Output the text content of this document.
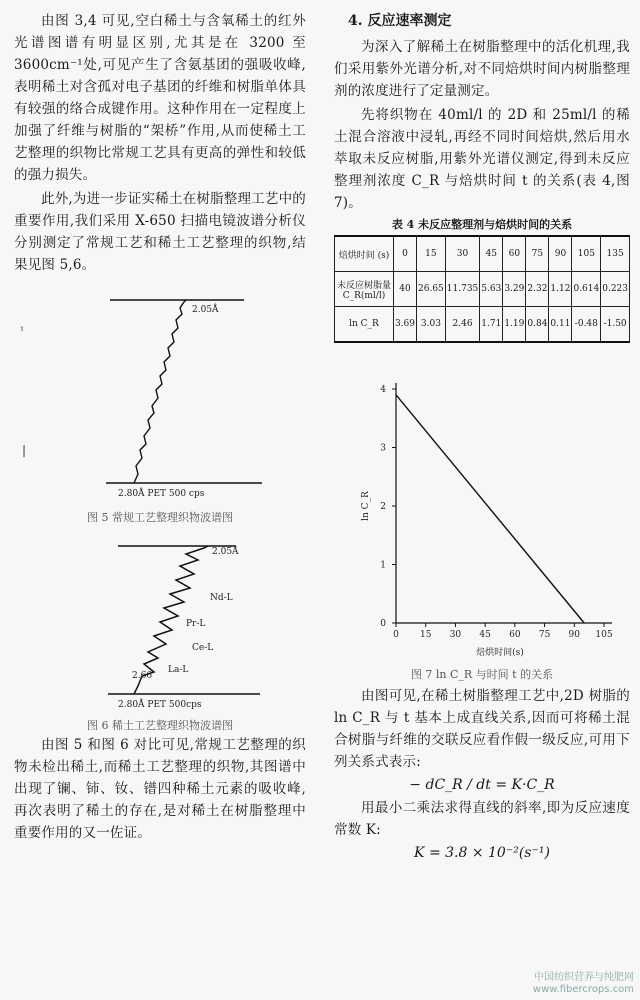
由图 3,4 可见,空白稀土与含氧稀土的红外光谱图谱有明显区别,尤其是在 3200 至 3600cm⁻¹处,可见产生了含氨基团的强吸收峰,表明稀土对含孤对电子基团的纤维和树脂单体具有较强的络合成键作用。这种作用在一定程度上加强了纤维与树脂的“架桥”作用,从而使稀土工艺整理的织物比常规工艺具有更高的弹性和较低的强力损失。

此外,为进一步证实稀土在树脂整理工艺中的重要作用,我们采用 X-650 扫描电镜波谱分析仪分别测定了常规工艺和稀土工艺整理的织物,结果见图 5,6。

¹
|
2.05Å
2.80Å PET 500 cps
图 5 常规工艺整理织物波谱图
2.05Å
Nd-L
Pr-L
Ce-L
La-L
2.66
2.80Å PET 500cps
图 6 稀土工艺整理织物波谱图

由图 5 和图 6 对比可见,常规工艺整理的织物未检出稀土,而稀土工艺整理的织物,其图谱中出现了镧、铈、钕、镨四种稀土元素的吸收峰,再次表明了稀土的存在,是对稀土在树脂整理中重要作用的又一佐证。

4. 反应速率测定

为深入了解稀土在树脂整理中的活化机理,我们采用紫外光谱分析,对不同焙烘时间内树脂整理剂的浓度进行了定量测定。

先将织物在 40ml/l 的 2D 和 25ml/l 的稀土混合溶液中浸轧,再经不同时间焙烘,然后用水萃取未反应树脂,用紫外光谱仪测定,得到未反应整理剂浓度 C_R 与焙烘时间 t 的关系(表 4,图 7)。

表 4 未反应整理剂与焙烘时间的关系
焙烘时间 (s)	0	15	30	45	60	75	90	105	135
未反应树脂量 C_R(ml/l)	40	26.65	11.735	5.63	3.29	2.32	1.12	0.614	0.223
ln C_R	3.69	3.03	2.46	1.71	1.19	0.84	0.11	-0.48	-1.50
0
1
2
3
4
0 15 30 45 60 75 90 105
焙烘时间(s)
ln C_R
图 7 ln C_R 与时间 t 的关系

由图可见,在稀土树脂整理工艺中,2D 树脂的 ln C_R 与 t 基本上成直线关系,因而可将稀土混合树脂与纤维的交联反应看作假一级反应,可用下列关系式表示:

− dC_R / dt = K·C_R

用最小二乘法求得直线的斜率,即为反应速度常数 K:

K = 3.8 × 10⁻²(s⁻¹)
中国纺织营养与纯肥网
www.fibercrops.com
